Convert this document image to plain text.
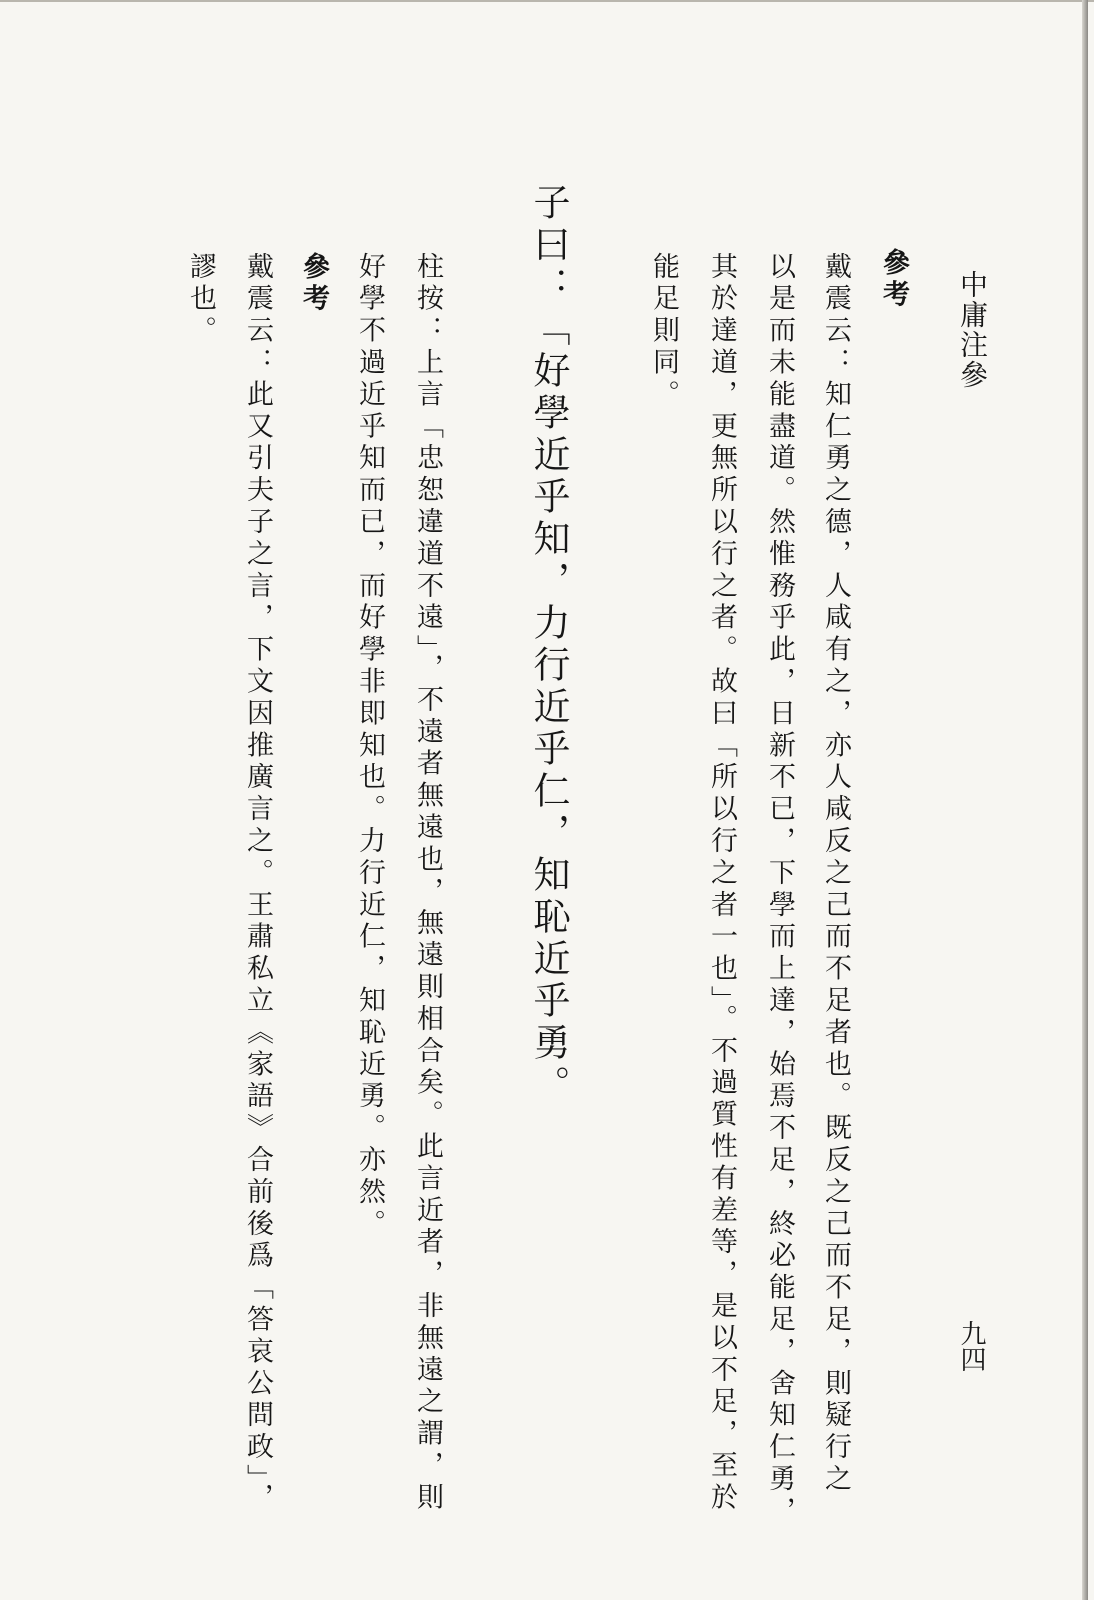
中庸注參
九四
參考
戴震云：知仁勇之德，人咸有之，亦人咸反之己而不足者也。既反之己而不足，則疑行之
以是而未能盡道。然惟務乎此，日新不已，下學而上達，始焉不足，終必能足，舍知仁勇，
其於達道，更無所以行之者。故曰「所以行之者一也」。不過質性有差等，是以不足，至於
能足則同。
子曰：「好學近乎知，力行近乎仁，知恥近乎勇。
柱按：上言「忠恕違道不遠」，不遠者無遠也，無遠則相合矣。此言近者，非無遠之謂，則
好學不過近乎知而已，而好學非即知也。力行近仁，知恥近勇。亦然。
參考
戴震云：此又引夫子之言，下文因推廣言之。王肅私立《家語》合前後爲「答哀公問政」，
謬也。
